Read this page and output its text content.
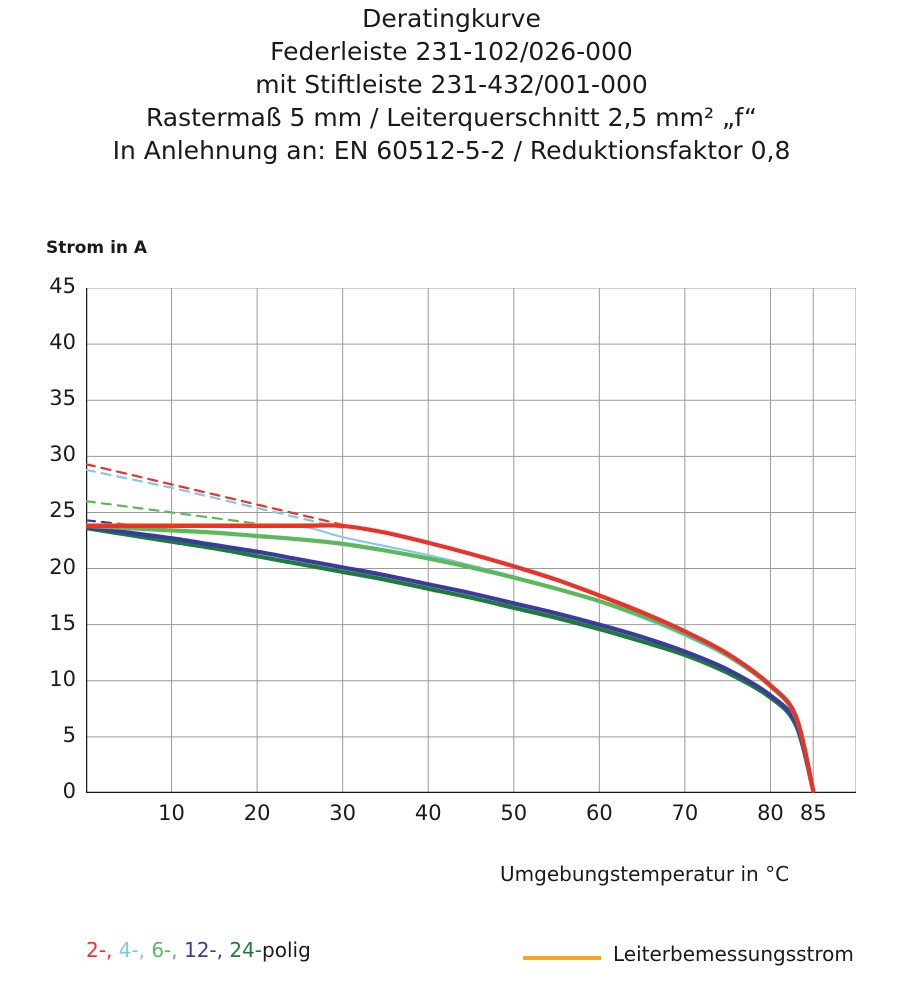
Deratingkurve
Federleiste 231-102/026-000
mit Stiftleiste 231-432/001-000
Rastermaß 5 mm / Leiterquerschnitt 2,5 mm² „f“
In Anlehnung an: EN 60512-5-2 / Reduktionsfaktor 0,8
Strom in A
Umgebungstemperatur in °C
0
5
10
15
20
25
30
35
40
45
10	20	30	40	50	60	70	80 85
2-, 4-, 6-, 12-, 24-polig	Leiterbemessungsstrom
